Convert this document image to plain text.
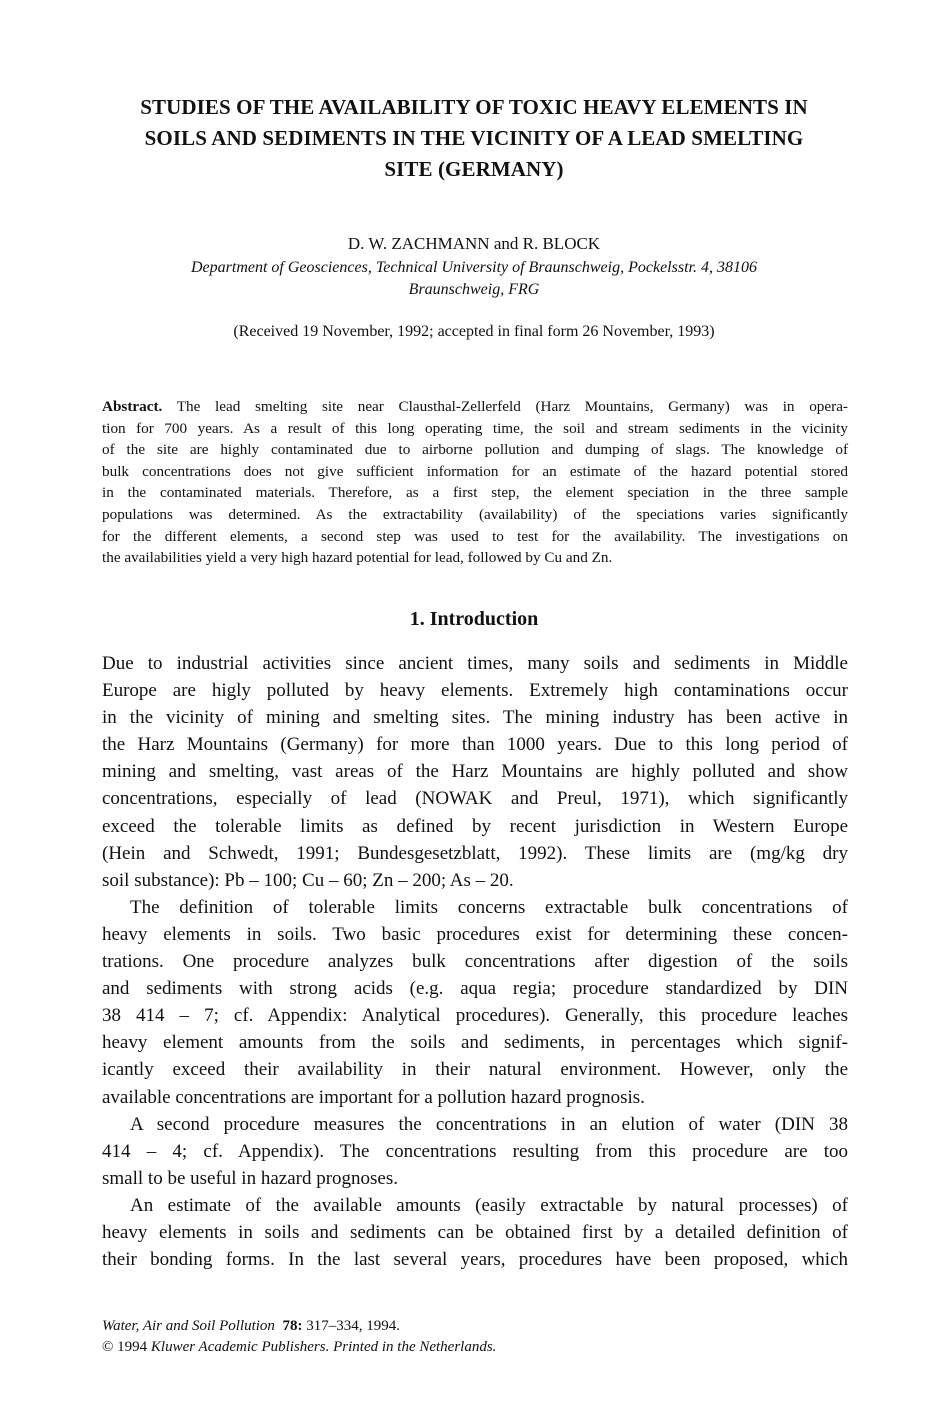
STUDIES OF THE AVAILABILITY OF TOXIC HEAVY ELEMENTS IN
SOILS AND SEDIMENTS IN THE VICINITY OF A LEAD SMELTING
SITE (GERMANY)
D. W. ZACHMANN and R. BLOCK
Department of Geosciences, Technical University of Braunschweig, Pockelsstr. 4, 38106
Braunschweig, FRG
(Received 19 November, 1992; accepted in final form 26 November, 1993)
Abstract. The lead smelting site near Clausthal-Zellerfeld (Harz Mountains, Germany) was in opera-
tion for 700 years. As a result of this long operating time, the soil and stream sediments in the vicinity
of the site are highly contaminated due to airborne pollution and dumping of slags. The knowledge of
bulk concentrations does not give sufficient information for an estimate of the hazard potential stored
in the contaminated materials. Therefore, as a first step, the element speciation in the three sample
populations was determined. As the extractability (availability) of the speciations varies significantly
for the different elements, a second step was used to test for the availability. The investigations on
the availabilities yield a very high hazard potential for lead, followed by Cu and Zn.
1. Introduction
Due to industrial activities since ancient times, many soils and sediments in Middle
Europe are higly polluted by heavy elements. Extremely high contaminations occur
in the vicinity of mining and smelting sites. The mining industry has been active in
the Harz Mountains (Germany) for more than 1000 years. Due to this long period of
mining and smelting, vast areas of the Harz Mountains are highly polluted and show
concentrations, especially of lead (NOWAK and Preul, 1971), which significantly
exceed the tolerable limits as defined by recent jurisdiction in Western Europe
(Hein and Schwedt, 1991; Bundesgesetzblatt, 1992). These limits are (mg/kg dry
soil substance): Pb – 100; Cu – 60; Zn – 200; As – 20.
The definition of tolerable limits concerns extractable bulk concentrations of
heavy elements in soils. Two basic procedures exist for determining these concen-
trations. One procedure analyzes bulk concentrations after digestion of the soils
and sediments with strong acids (e.g. aqua regia; procedure standardized by DIN
38 414 – 7; cf. Appendix: Analytical procedures). Generally, this procedure leaches
heavy element amounts from the soils and sediments, in percentages which signif-
icantly exceed their availability in their natural environment. However, only the
available concentrations are important for a pollution hazard prognosis.
A second procedure measures the concentrations in an elution of water (DIN 38
414 – 4; cf. Appendix). The concentrations resulting from this procedure are too
small to be useful in hazard prognoses.
An estimate of the available amounts (easily extractable by natural processes) of
heavy elements in soils and sediments can be obtained first by a detailed definition of
their bonding forms. In the last several years, procedures have been proposed, which
Water, Air and Soil Pollution 78: 317–334, 1994.
© 1994 Kluwer Academic Publishers. Printed in the Netherlands.
